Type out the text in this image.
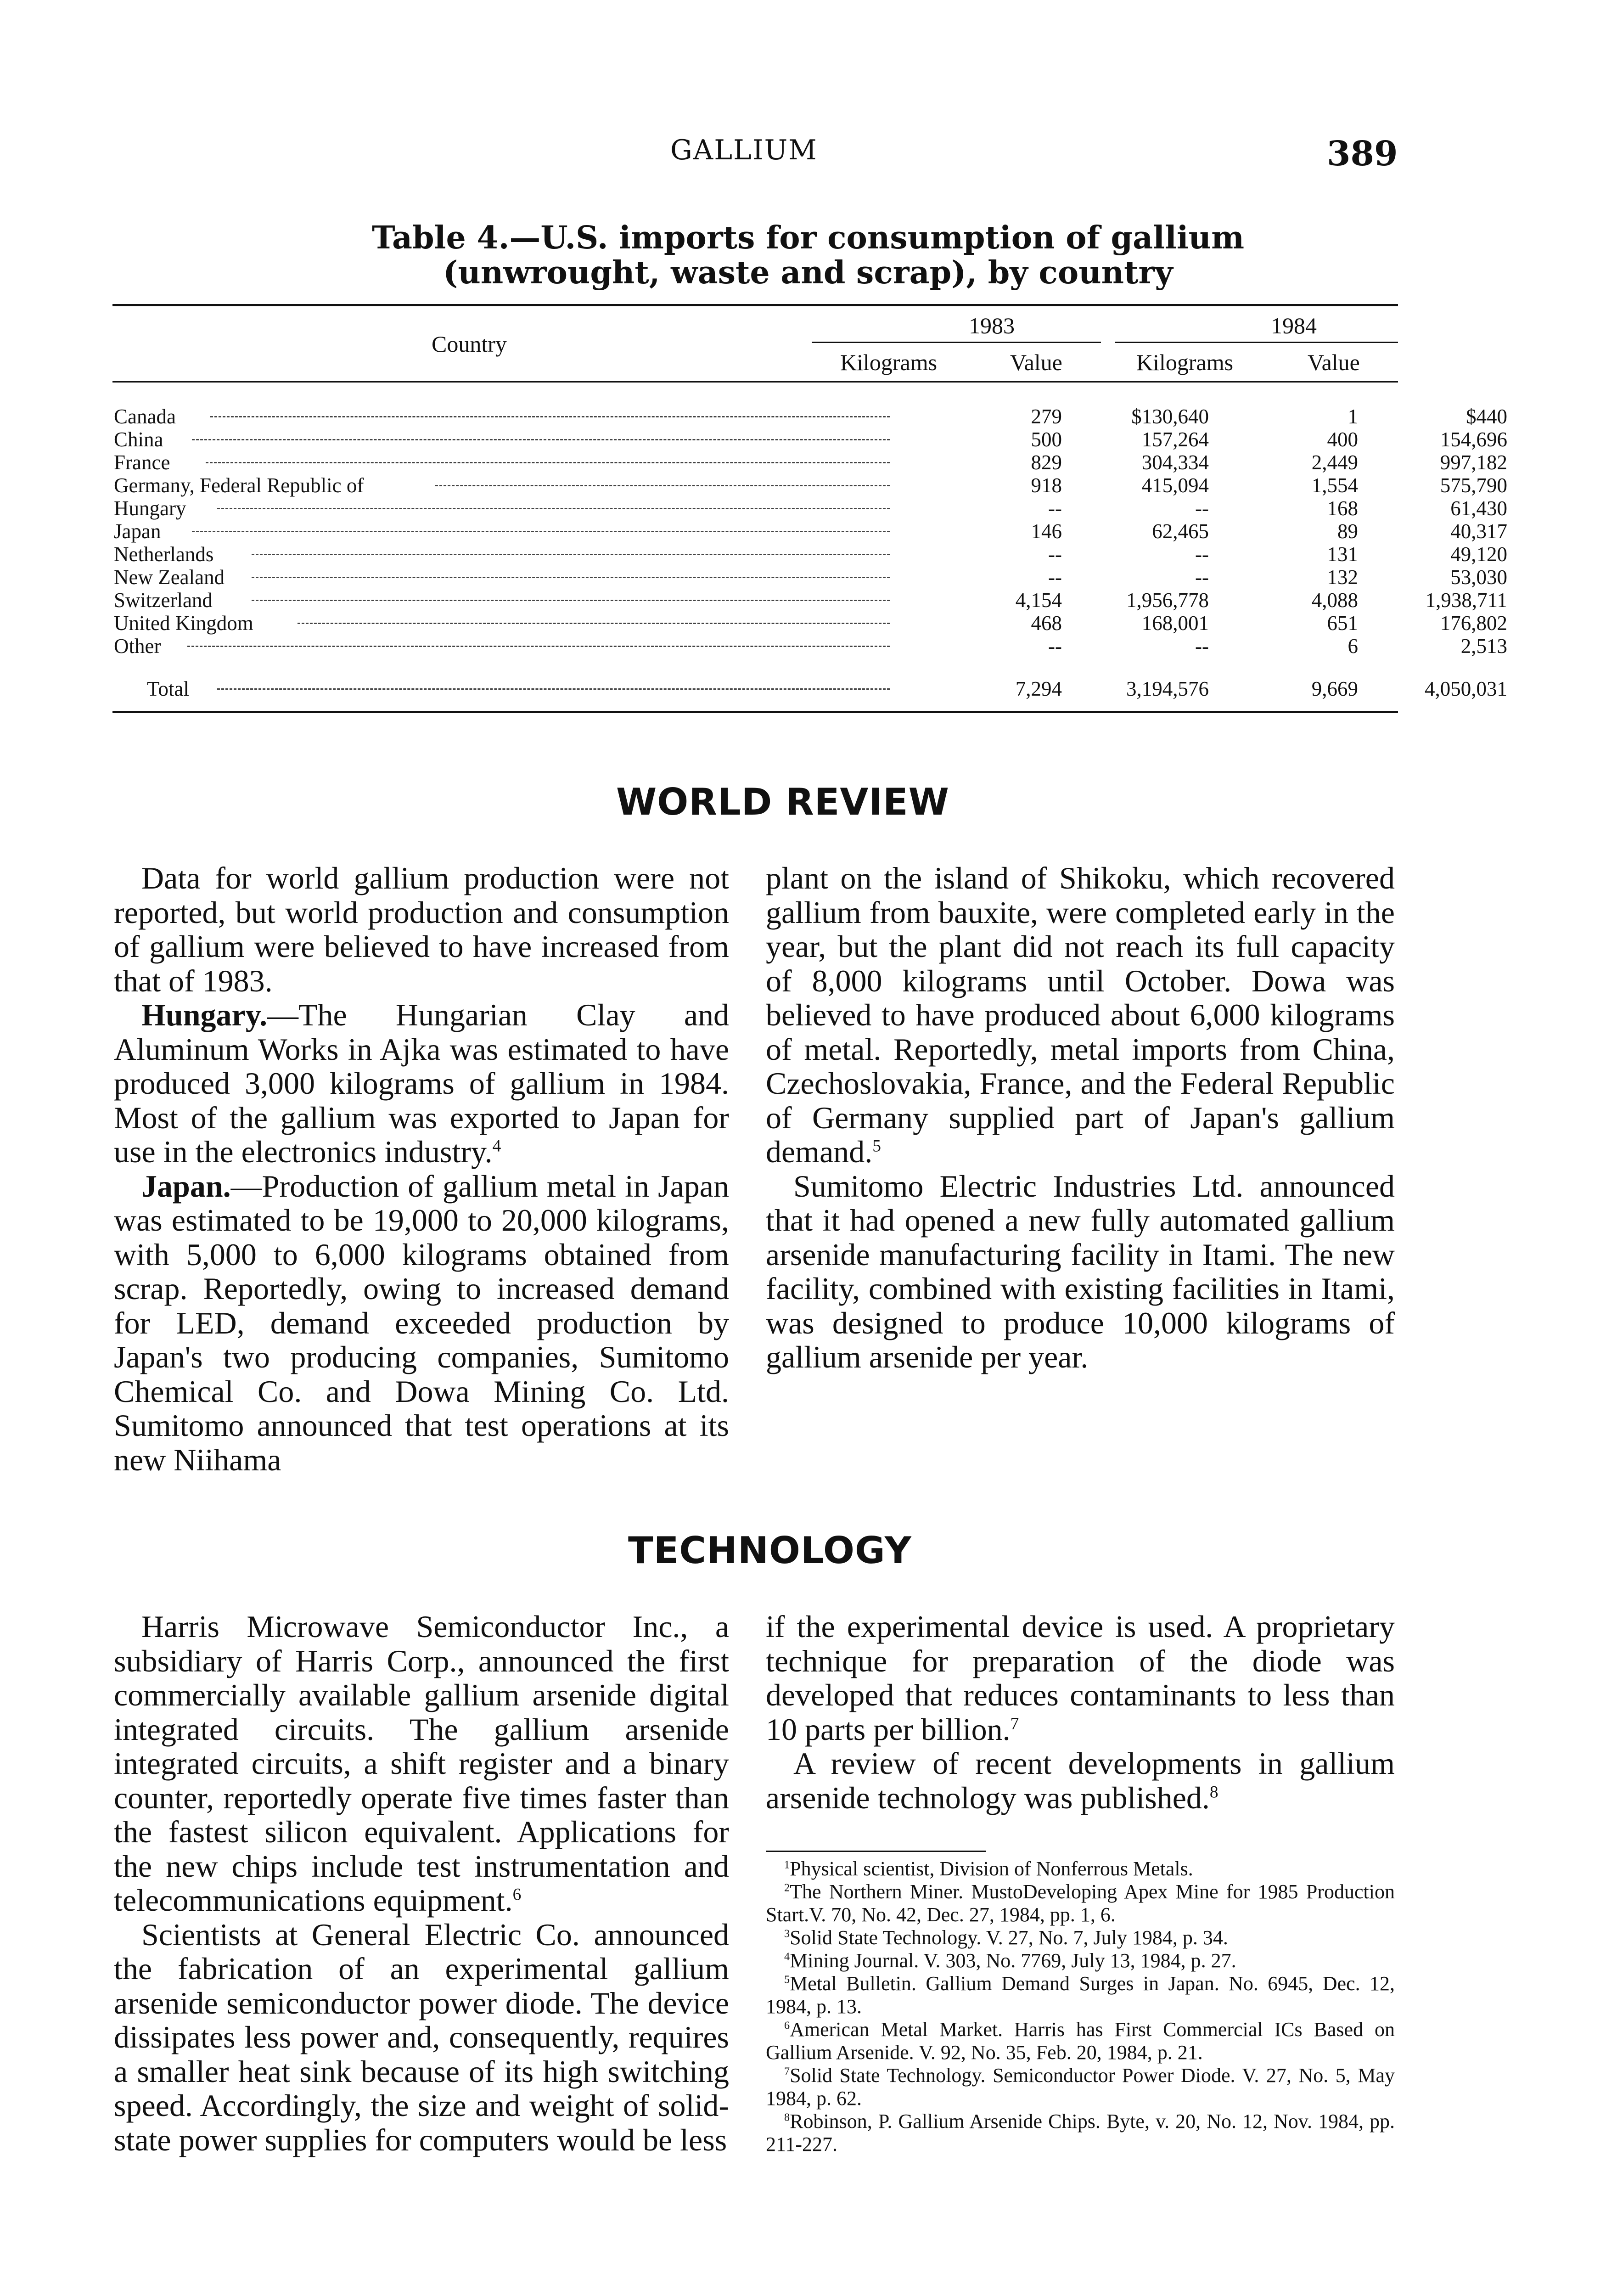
GALLIUM	389
Table 4.—U.S. imports for consumption of gallium
(unwrought, waste and scrap), by country
Country
1983	1984
Kilograms	Value	Kilograms	Value
Canada	279	$130,640	1	$440
China	500	157,264	400	154,696
France	829	304,334	2,449	997,182
Germany, Federal Republic of	918	415,094	1,554	575,790
Hungary	--	--	168	61,430
Japan	146	62,465	89	40,317
Netherlands	--	--	131	49,120
New Zealand	--	--	132	53,030
Switzerland	4,154	1,956,778	4,088	1,938,711
United Kingdom	468	168,001	651	176,802
Other	--	--	6	2,513
Total	7,294	3,194,576	9,669	4,050,031
WORLD REVIEW

Data for world gallium production were not reported, but world production and consumption of gallium were believed to have increased from that of 1983.

Hungary.—The Hungarian Clay and Aluminum Works in Ajka was estimated to have produced 3,000 kilograms of gallium in 1984. Most of the gallium was exported to Japan for use in the electronics industry.$^4$

Japan.—Production of gallium metal in Japan was estimated to be 19,000 to 20,000 kilograms, with 5,000 to 6,000 kilograms obtained from scrap. Reportedly, owing to increased demand for LED, demand exceeded production by Japan's two producing companies, Sumitomo Chemical Co. and Dowa Mining Co. Ltd. Sumitomo announced that test operations at its new Niihama

plant on the island of Shikoku, which recovered gallium from bauxite, were completed early in the year, but the plant did not reach its full capacity of 8,000 kilograms until October. Dowa was believed to have produced about 6,000 kilograms of metal. Reportedly, metal imports from China, Czechoslovakia, France, and the Federal Republic of Germany supplied part of Japan's gallium demand.$^5$

Sumitomo Electric Industries Ltd. announced that it had opened a new fully automated gallium arsenide manufacturing facility in Itami. The new facility, combined with existing facilities in Itami, was designed to produce 10,000 kilograms of gallium arsenide per year.

TECHNOLOGY

Harris Microwave Semiconductor Inc., a subsidiary of Harris Corp., announced the first commercially available gallium arsenide digital integrated circuits. The gallium arsenide integrated circuits, a shift register and a binary counter, reportedly operate five times faster than the fastest silicon equivalent. Applications for the new chips include test instrumentation and telecommunications equipment.$^6$

Scientists at General Electric Co. announced the fabrication of an experimental gallium arsenide semiconductor power diode. The device dissipates less power and, consequently, requires a smaller heat sink because of its high switching speed. Accordingly, the size and weight of solid-state power supplies for computers would be less

if the experimental device is used. A proprietary technique for preparation of the diode was developed that reduces contaminants to less than 10 parts per billion.$^7$

A review of recent developments in gallium arsenide technology was published.$^8$

$^1$Physical scientist, Division of Nonferrous Metals.

$^2$The Northern Miner. MustoDeveloping Apex Mine for 1985 Production Start.V. 70, No. 42, Dec. 27, 1984, pp. 1, 6.

$^3$Solid State Technology. V. 27, No. 7, July 1984, p. 34.

$^4$Mining Journal. V. 303, No. 7769, July 13, 1984, p. 27.

$^5$Metal Bulletin. Gallium Demand Surges in Japan. No. 6945, Dec. 12, 1984, p. 13.

$^6$American Metal Market. Harris has First Commercial ICs Based on Gallium Arsenide. V. 92, No. 35, Feb. 20, 1984, p. 21.

$^7$Solid State Technology. Semiconductor Power Diode. V. 27, No. 5, May 1984, p. 62.

$^8$Robinson, P. Gallium Arsenide Chips. Byte, v. 20, No. 12, Nov. 1984, pp. 211-227.
